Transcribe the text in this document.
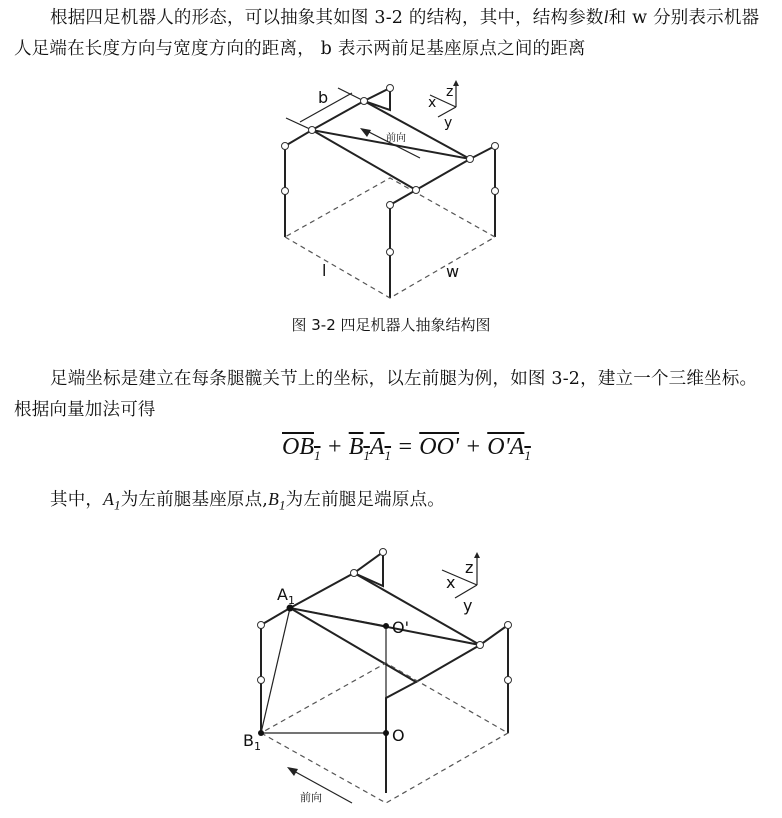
根据四足机器人的形态，可以抽象其如图 3-2 的结构，其中，结构参数l和 w 分别表示机器人足端在长度方向与宽度方向的距离， b 表示两前足基座原点之间的距离
b
前向
l	w
z
x
y
图 3-2 四足机器人抽象结构图
足端坐标是建立在每条腿髋关节上的坐标，以左前腿为例，如图 3-2，建立一个三维坐标。根据向量加法可得
$OB_1 + B_1A_1 = OO' + O'A_1$
其中，$A_1$为左前腿基座原点$,B_1$为左前腿足端原点。
$A_1$
$B_1$
O'
O
前向
z
x
y
